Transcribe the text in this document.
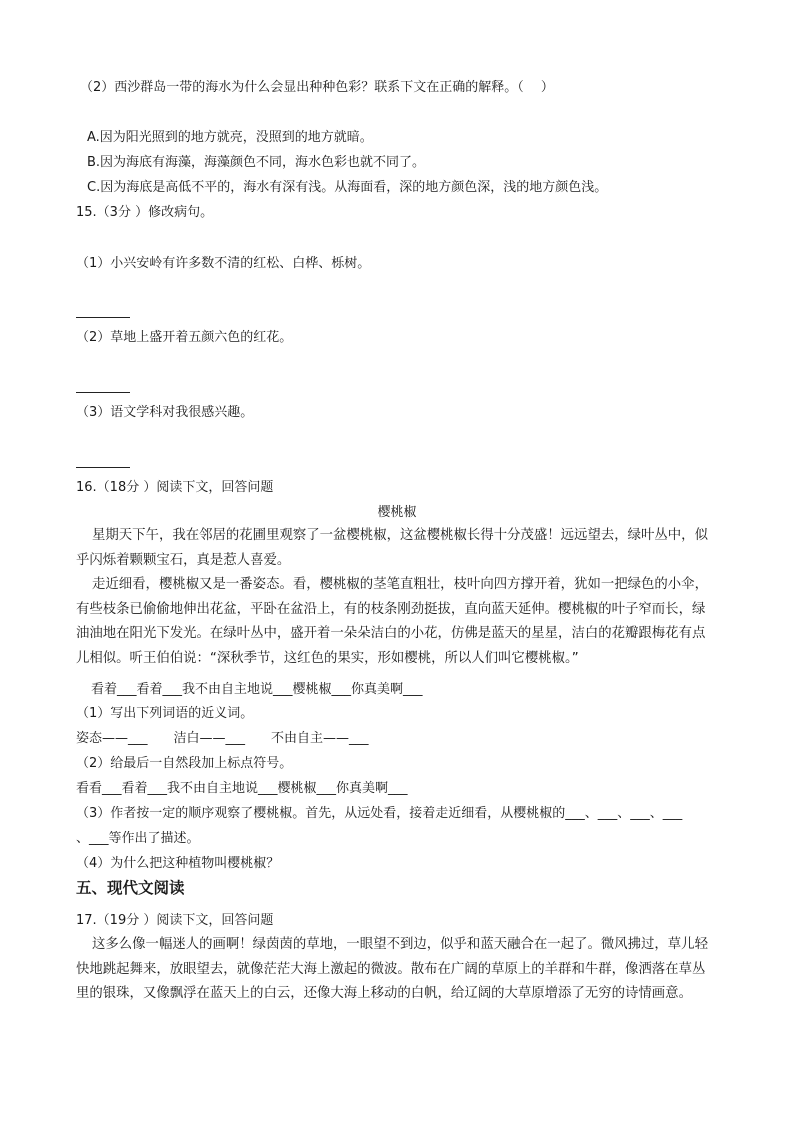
（2）西沙群岛一带的海水为什么会显出种种色彩？联系下文在正确的解释。（　 ）
A.因为阳光照到的地方就亮，没照到的地方就暗。
B.因为海底有海藻，海藻颜色不同，海水色彩也就不同了。
C.因为海底是高低不平的，海水有深有浅。从海面看，深的地方颜色深，浅的地方颜色浅。
15.（3分 ）修改病句。
（1）小兴安岭有许多数不清的红松、白桦、栎树。
（2）草地上盛开着五颜六色的红花。
（3）语文学科对我很感兴趣。
16.（18分 ）阅读下文，回答问题
樱桃椒
星期天下午，我在邻居的花圃里观察了一盆樱桃椒，这盆樱桃椒长得十分茂盛！远远望去，绿叶丛中，似乎闪烁着颗颗宝石，真是惹人喜爱。
走近细看，樱桃椒又是一番姿态。看，樱桃椒的茎笔直粗壮，枝叶向四方撑开着，犹如一把绿色的小伞，有些枝条已偷偷地伸出花盆，平卧在盆沿上，有的枝条刚劲挺拔，直向蓝天延伸。樱桃椒的叶子窄而长，绿油油地在阳光下发光。在绿叶丛中，盛开着一朵朵洁白的小花，仿佛是蓝天的星星，洁白的花瓣跟梅花有点儿相似。听王伯伯说：“深秋季节，这红色的果实，形如樱桃，所以人们叫它樱桃椒。”
看着___看着___我不由自主地说___樱桃椒___你真美啊___
（1）写出下列词语的近义词。
姿态——___　　洁白——___　　不由自主——___
（2）给最后一自然段加上标点符号。
看看___看着___我不由自主地说___樱桃椒___你真美啊___
（3）作者按一定的顺序观察了樱桃椒。首先，从远处看，接着走近细看，从樱桃椒的___、___、___、___
、___等作出了描述。
（4）为什么把这种植物叫樱桃椒？
五、现代文阅读
17.（19分 ）阅读下文，回答问题
这多么像一幅迷人的画啊！绿茵茵的草地，一眼望不到边，似乎和蓝天融合在一起了。微风拂过，草儿轻快地跳起舞来，放眼望去，就像茫茫大海上激起的微波。散布在广阔的草原上的羊群和牛群，像洒落在草丛里的银珠，又像飘浮在蓝天上的白云，还像大海上移动的白帆，给辽阔的大草原增添了无穷的诗情画意。
